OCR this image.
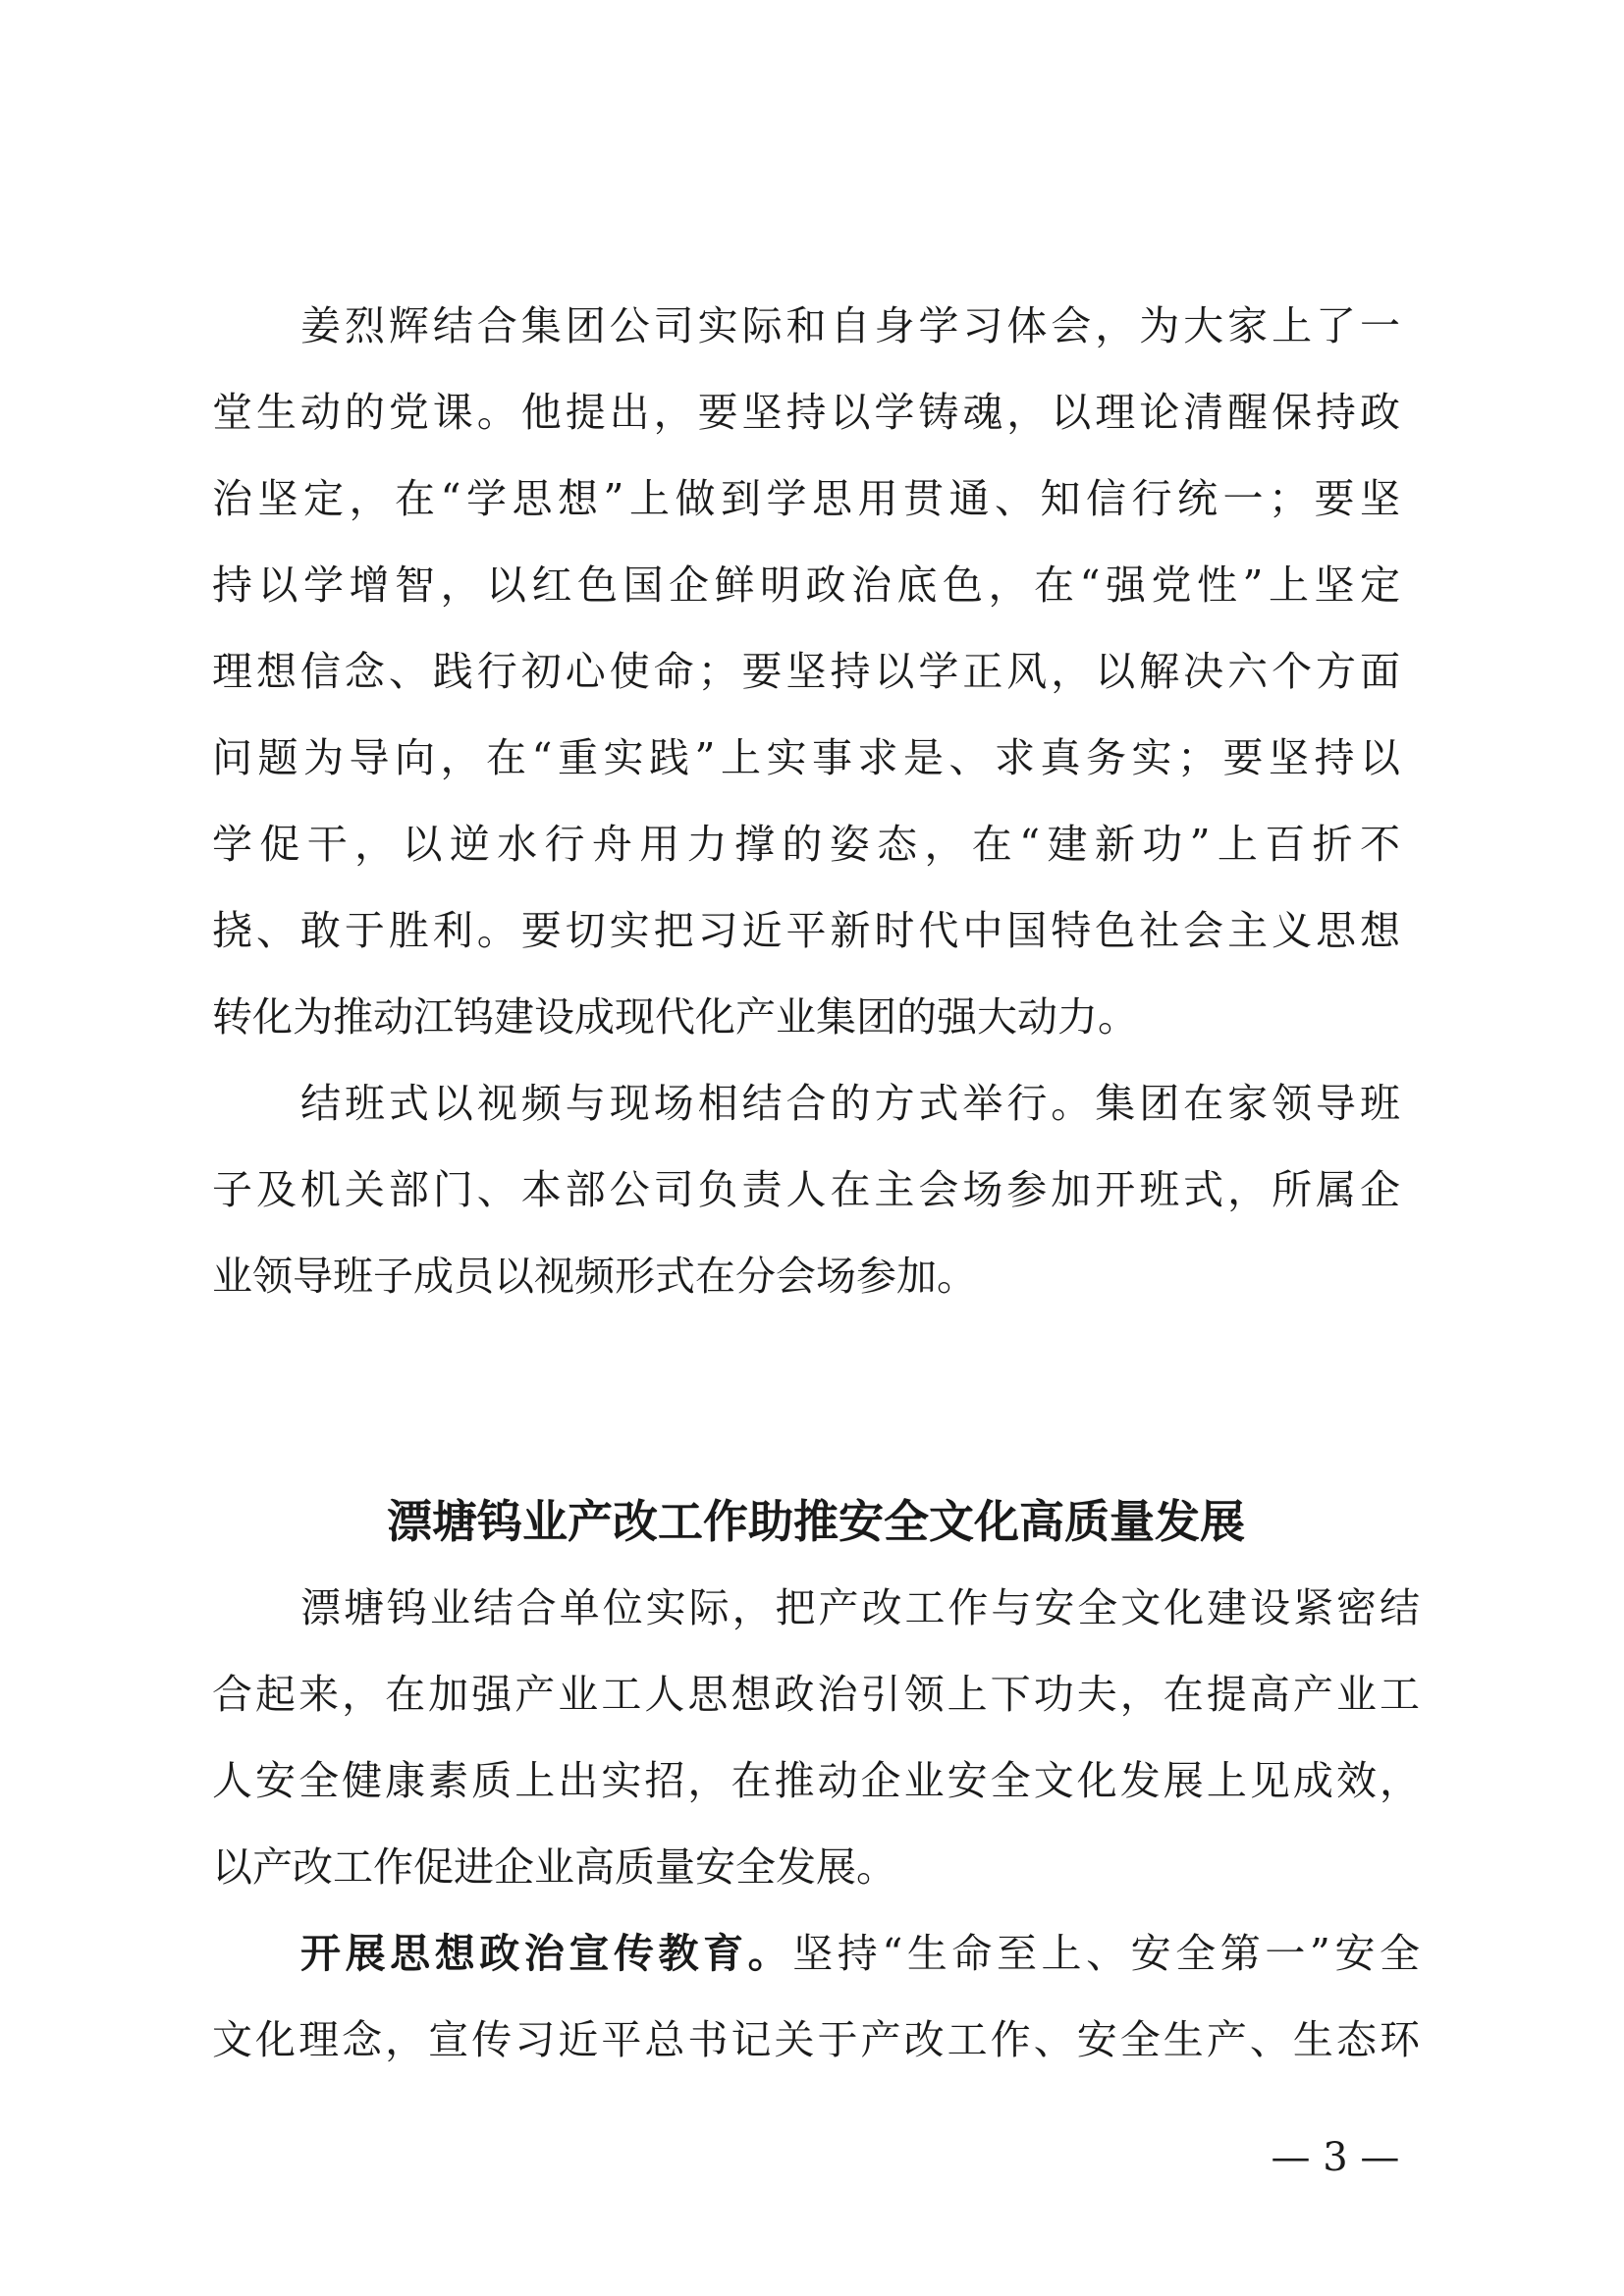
姜烈辉结合集团公司实际和自身学习体会，为大家上了一
堂生动的党课。他提出，要坚持以学铸魂，以理论清醒保持政
治坚定，在“学思想”上做到学思用贯通、知信行统一；要坚
持以学增智，以红色国企鲜明政治底色，在“强党性”上坚定
理想信念、践行初心使命；要坚持以学正风，以解决六个方面
问题为导向，在“重实践”上实事求是、求真务实；要坚持以
学促干，以逆水行舟用力撑的姿态，在“建新功”上百折不
挠、敢于胜利。要切实把习近平新时代中国特色社会主义思想
转化为推动江钨建设成现代化产业集团的强大动力。
结班式以视频与现场相结合的方式举行。集团在家领导班
子及机关部门、本部公司负责人在主会场参加开班式，所属企
业领导班子成员以视频形式在分会场参加。
漂塘钨业产改工作助推安全文化高质量发展
漂塘钨业结合单位实际，把产改工作与安全文化建设紧密结
合起来，在加强产业工人思想政治引领上下功夫，在提高产业工
人安全健康素质上出实招，在推动企业安全文化发展上见成效，
以产改工作促进企业高质量安全发展。
开展思想政治宣传教育。坚持“生命至上、安全第一”安全
文化理念，宣传习近平总书记关于产改工作、安全生产、生态环
— 3 —
